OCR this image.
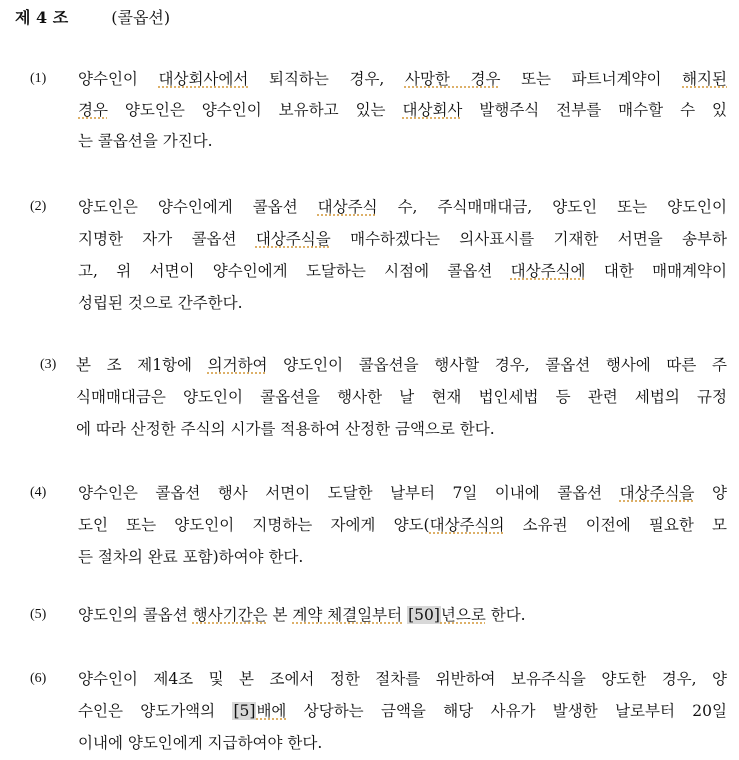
제 4 조	(콜옵션)
(1) 양수인이 대상회사에서 퇴직하는 경우, 사망한 경우 또는 파트너계약이 해지된
경우 양도인은 양수인이 보유하고 있는 대상회사 발행주식 전부를 매수할 수 있
는 콜옵션을 가진다.
(2) 양도인은 양수인에게 콜옵션 대상주식 수, 주식매매대금, 양도인 또는 양도인이
지명한 자가 콜옵션 대상주식을 매수하겠다는 의사표시를 기재한 서면을 송부하
고, 위 서면이 양수인에게 도달하는 시점에 콜옵션 대상주식에 대한 매매계약이
성립된 것으로 간주한다.
(3) 본 조 제1항에 의거하여 양도인이 콜옵션을 행사할 경우, 콜옵션 행사에 따른 주
식매매대금은 양도인이 콜옵션을 행사한 날 현재 법인세법 등 관련 세법의 규정
에 따라 산정한 주식의 시가를 적용하여 산정한 금액으로 한다.
(4) 양수인은 콜옵션 행사 서면이 도달한 날부터 7일 이내에 콜옵션 대상주식을 양
도인 또는 양도인이 지명하는 자에게 양도(대상주식의 소유권 이전에 필요한 모
든 절차의 완료 포함)하여야 한다.
(5) 양도인의 콜옵션 행사기간은 본 계약 체결일부터 [50]년으로 한다.
(6) 양수인이 제4조 및 본 조에서 정한 절차를 위반하여 보유주식을 양도한 경우, 양
수인은 양도가액의 [5]배에 상당하는 금액을 해당 사유가 발생한 날로부터 20일
이내에 양도인에게 지급하여야 한다.
